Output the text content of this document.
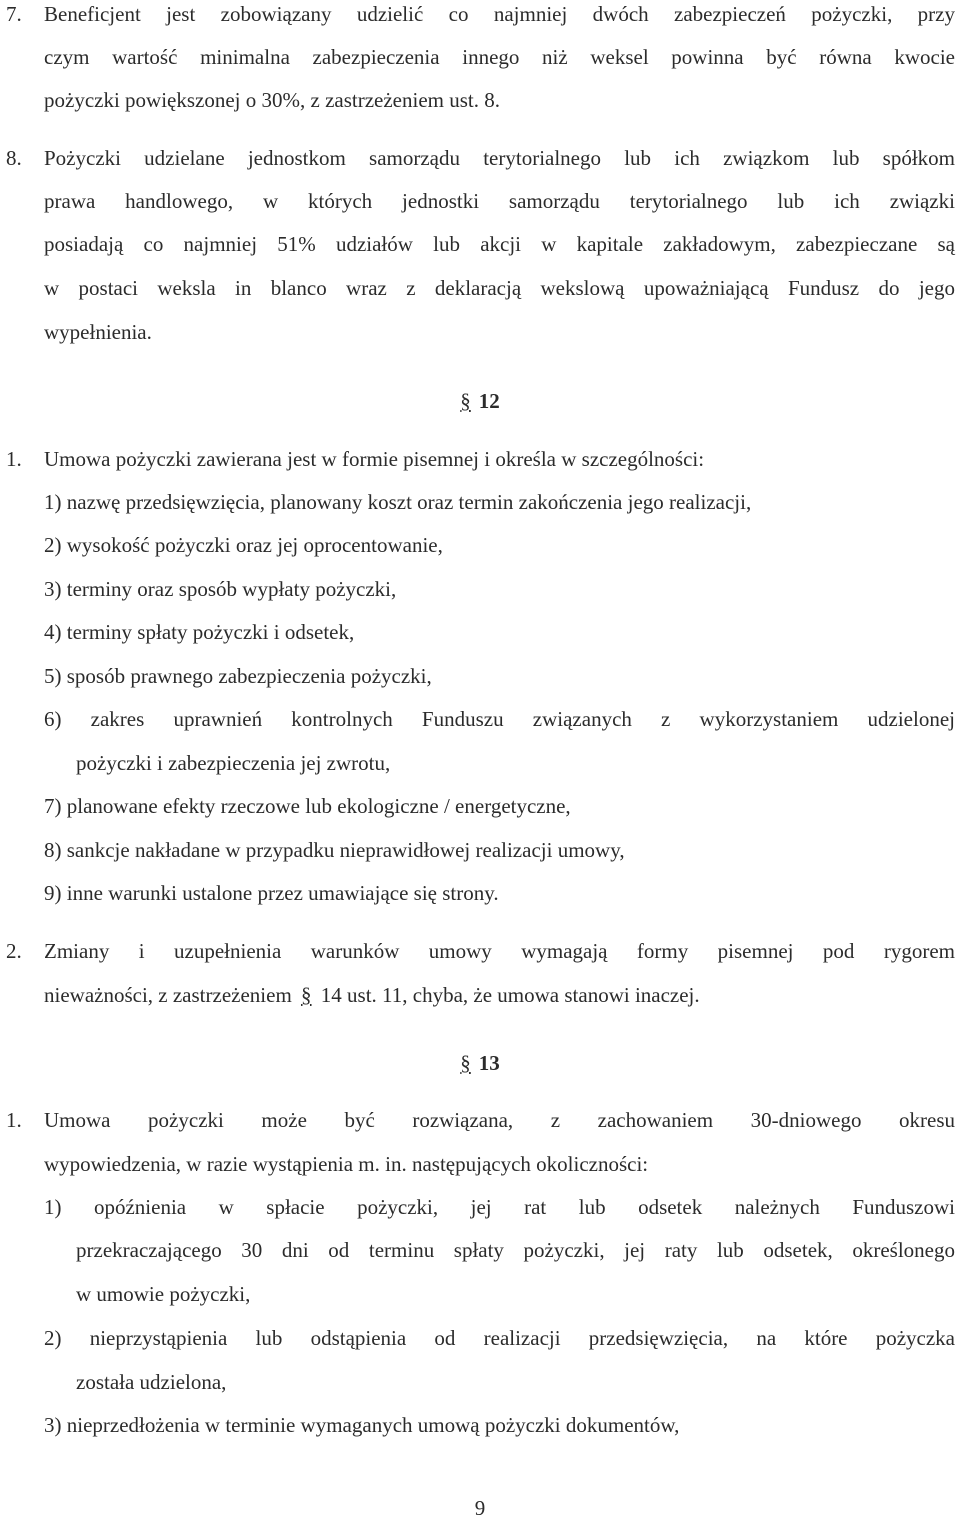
7. Beneficjent jest zobowiązany udzielić co najmniej dwóch zabezpieczeń pożyczki, przy
czym wartość minimalna zabezpieczenia innego niż weksel powinna być równa kwocie
pożyczki powiększonej o 30%, z zastrzeżeniem ust. 8.
8. Pożyczki udzielane jednostkom samorządu terytorialnego lub ich związkom lub spółkom
prawa handlowego, w których jednostki samorządu terytorialnego lub ich związki
posiadają co najmniej 51% udziałów lub akcji w kapitale zakładowym, zabezpieczane są
w postaci weksla in blanco wraz z deklaracją wekslową upoważniającą Fundusz do jego
wypełnienia.
§ 12
1. Umowa pożyczki zawierana jest w formie pisemnej i określa w szczególności:
1) nazwę przedsięwzięcia, planowany koszt oraz termin zakończenia jego realizacji,
2) wysokość pożyczki oraz jej oprocentowanie,
3) terminy oraz sposób wypłaty pożyczki,
4) terminy spłaty pożyczki i odsetek,
5) sposób prawnego zabezpieczenia pożyczki,
6) zakres uprawnień kontrolnych Funduszu związanych z wykorzystaniem udzielonej
pożyczki i zabezpieczenia jej zwrotu,
7) planowane efekty rzeczowe lub ekologiczne / energetyczne,
8) sankcje nakładane w przypadku nieprawidłowej realizacji umowy,
9) inne warunki ustalone przez umawiające się strony.
2. Zmiany i uzupełnienia warunków umowy wymagają formy pisemnej pod rygorem
nieważności, z zastrzeżeniem § 14 ust. 11, chyba, że umowa stanowi inaczej.
§ 13
1. Umowa pożyczki może być rozwiązana, z zachowaniem 30-dniowego okresu
wypowiedzenia, w razie wystąpienia m. in. następujących okoliczności:
1) opóźnienia w spłacie pożyczki, jej rat lub odsetek należnych Funduszowi
przekraczającego 30 dni od terminu spłaty pożyczki, jej raty lub odsetek, określonego
w umowie pożyczki,
2) nieprzystąpienia lub odstąpienia od realizacji przedsięwzięcia, na które pożyczka
została udzielona,
3) nieprzedłożenia w terminie wymaganych umową pożyczki dokumentów,
9
